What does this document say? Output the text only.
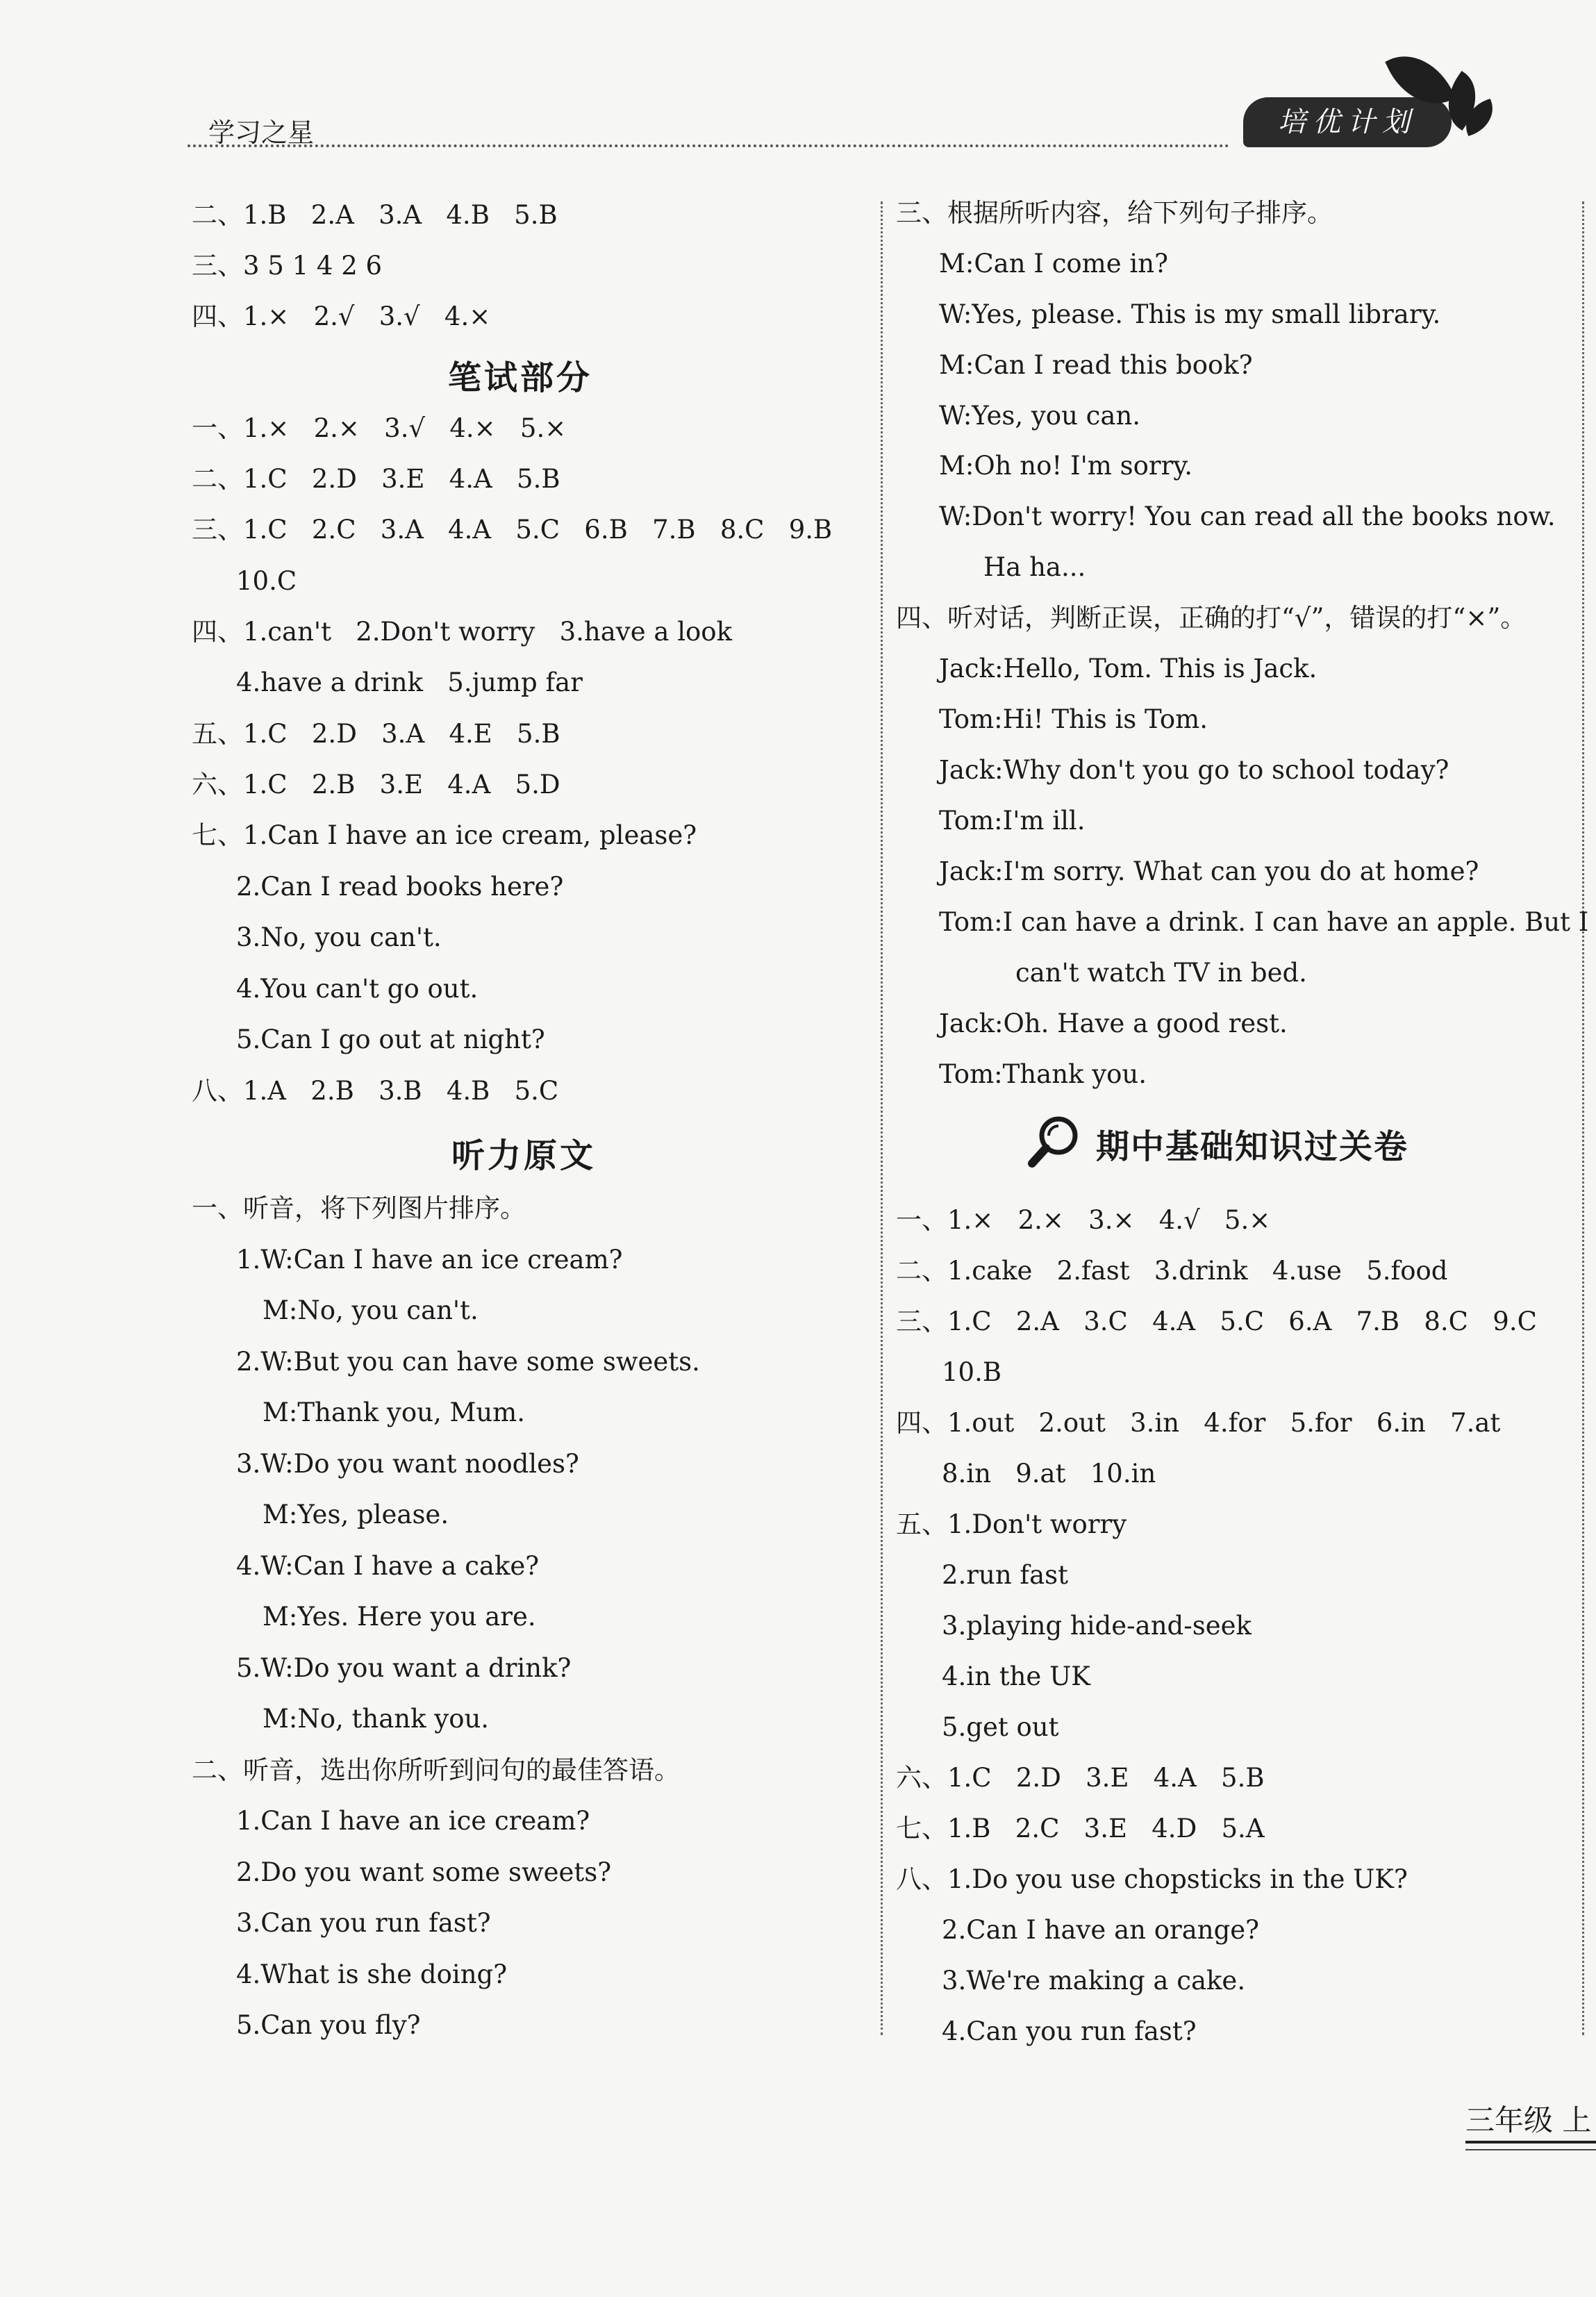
学习之星	培优计划
二、1.B   2.A   3.A   4.B   5.B
三、3 5 1 4 2 6
四、1.×   2.√   3.√   4.×
笔试部分
一、1.×   2.×   3.√   4.×   5.×
二、1.C   2.D   3.E   4.A   5.B
三、1.C   2.C   3.A   4.A   5.C   6.B   7.B   8.C   9.B
10.C
四、1.can't   2.Don't worry   3.have a look
4.have a drink   5.jump far
五、1.C   2.D   3.A   4.E   5.B
六、1.C   2.B   3.E   4.A   5.D
七、1.Can I have an ice cream, please?
2.Can I read books here?
3.No, you can't.
4.You can't go out.
5.Can I go out at night?
八、1.A   2.B   3.B   4.B   5.C
听力原文
一、听音，将下列图片排序。
1.W:Can I have an ice cream?
M:No, you can't.
2.W:But you can have some sweets.
M:Thank you, Mum.
3.W:Do you want noodles?
M:Yes, please.
4.W:Can I have a cake?
M:Yes. Here you are.
5.W:Do you want a drink?
M:No, thank you.
二、听音，选出你所听到问句的最佳答语。
1.Can I have an ice cream?
2.Do you want some sweets?
3.Can you run fast?
4.What is she doing?
5.Can you fly?
三、根据所听内容，给下列句子排序。
M:Can I come in?
W:Yes, please. This is my small library.
M:Can I read this book?
W:Yes, you can.
M:Oh no! I'm sorry.
W:Don't worry! You can read all the books now.
Ha ha...
四、听对话，判断正误，正确的打“√”，错误的打“×”。
Jack:Hello, Tom. This is Jack.
Tom:Hi! This is Tom.
Jack:Why don't you go to school today?
Tom:I'm ill.
Jack:I'm sorry. What can you do at home?
Tom:I can have a drink. I can have an apple. But I
can't watch TV in bed.
Jack:Oh. Have a good rest.
Tom:Thank you.
期中基础知识过关卷
一、1.×   2.×   3.×   4.√   5.×
二、1.cake   2.fast   3.drink   4.use   5.food
三、1.C   2.A   3.C   4.A   5.C   6.A   7.B   8.C   9.C
10.B
四、1.out   2.out   3.in   4.for   5.for   6.in   7.at
8.in   9.at   10.in
五、1.Don't worry
2.run fast
3.playing hide-and-seek
4.in the UK
5.get out
六、1.C   2.D   3.E   4.A   5.B
七、1.B   2.C   3.E   4.D   5.A
八、1.Do you use chopsticks in the UK?
2.Can I have an orange?
3.We're making a cake.
4.Can you run fast?
三年级 上
